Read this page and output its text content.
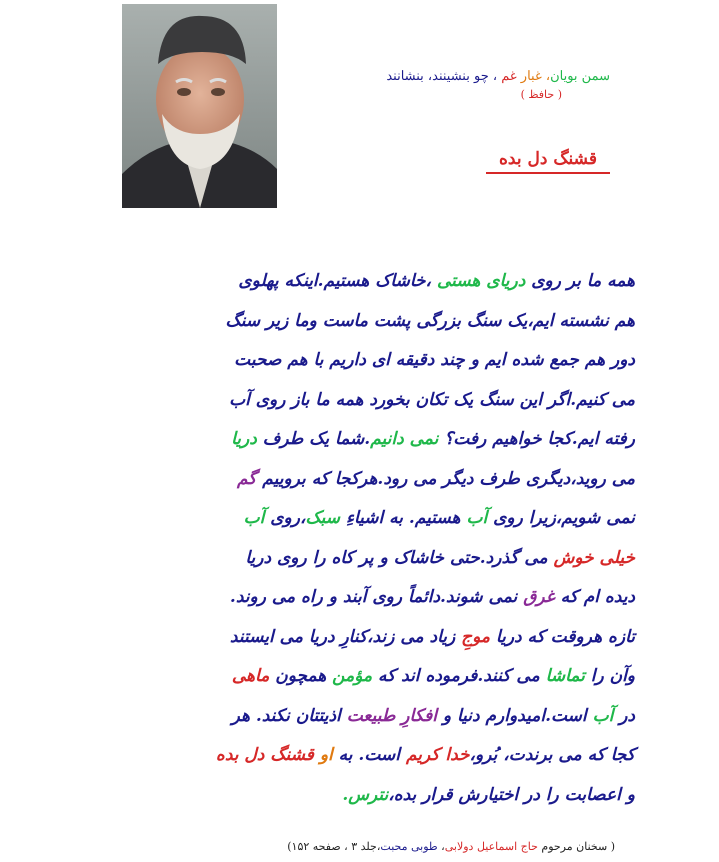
سمن بویان، غبار غم ، چو بنشینند، بنشانند
( حافظ )
قشنگ دل بده
همه ما بر روی دریای هستی ،خاشاک هستیم.اینکه پهلوی
هم نشسته ایم،یک سنگ بزرگی پشت ماست وما زیر سنگ
دور هم جمع شده ایم و چند دقیقه ای داریم با هم صحبت
می کنیم.اگر این سنگ یک تکان بخورد همه ما باز روی آب
رفته ایم.کجا خواهیم رفت؟ نمی دانیم.شما یک طرف دریا
می روید،دیگری طرف دیگر می رود.هرکجا که بروییم گم
نمی شویم،زیرا روی آب هستیم. به اشیاءِ سبک،روی آب
خیلی خوش می گذرد.حتی خاشاک و پر کاه را روی دریا
دیده ام که غرق نمی شوند.دائماً روی آبند و راه می روند.
تازه هروقت که دریا موجِ زیاد می زند،کنارِ دریا می ایستند
وآن را تماشا می کنند.فرموده اند که مؤمن همچون ماهی
در آب است.امیدوارم دنیا و افکارِ طبیعت اذیتتان نکند. هر
کجا که می برندت، بُرو،خدا کریم است. به او قشنگ دل بده
و اعصابت را در اختیارش قرار بده،نترس.
( سخنان مرحوم حاج اسماعیل دولابی، طوبی محبت،جلد ۳ ، صفحه ۱۵۲)
